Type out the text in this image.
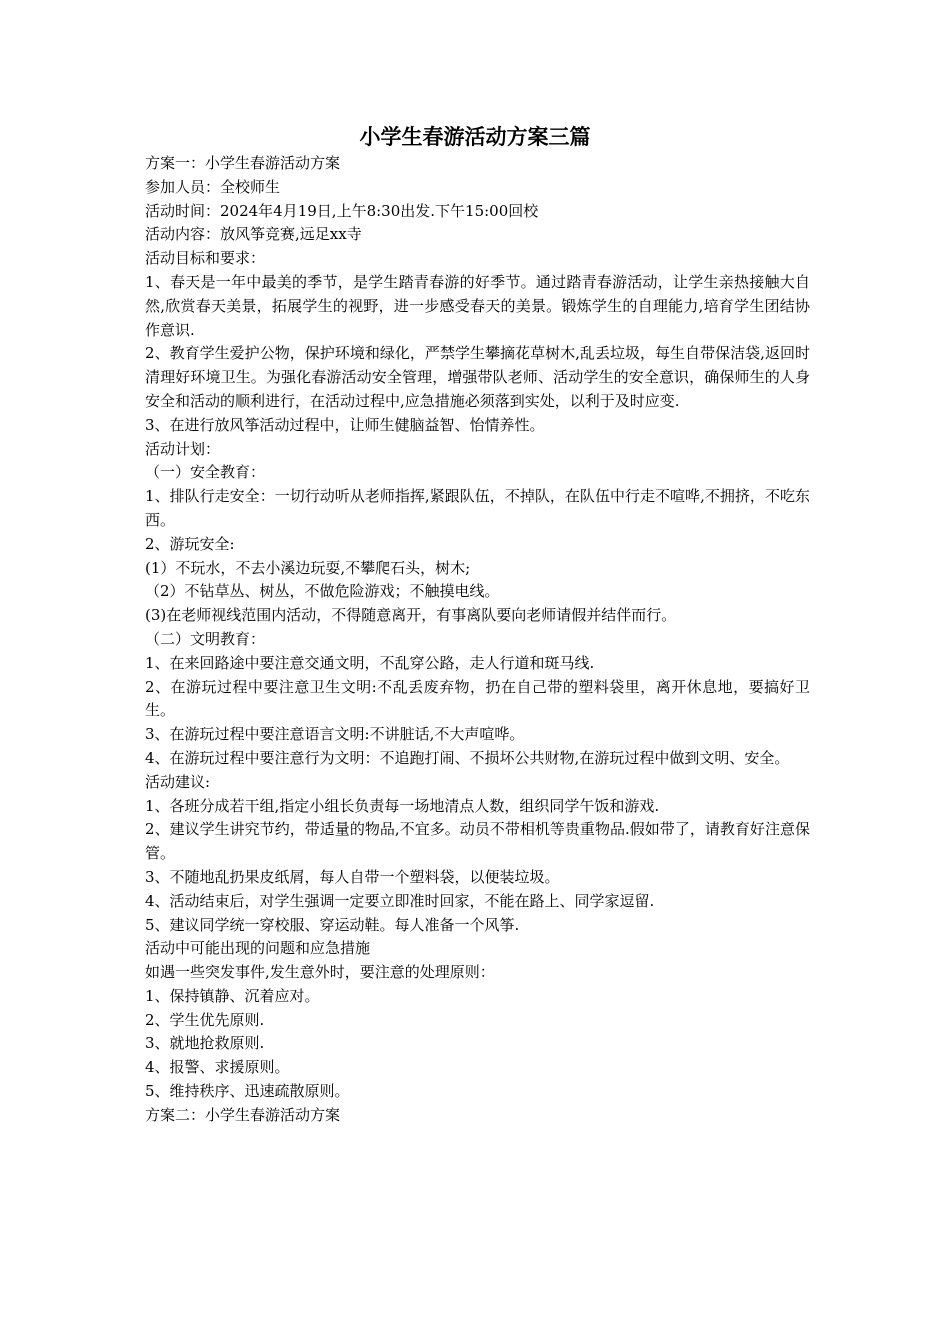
小学生春游活动方案三篇

方案一：小学生春游活动方案

参加人员：全校师生

活动时间：2024年4月19日,上午8:30出发.下午15:00回校

活动内容：放风筝竞赛,远足xx寺

活动目标和要求：

1、春天是一年中最美的季节，是学生踏青春游的好季节。通过踏青春游活动，让学生亲热接触大自然,欣赏春天美景，拓展学生的视野，进一步感受春天的美景。锻炼学生的自理能力,培育学生团结协作意识.

2、教育学生爱护公物，保护环境和绿化，严禁学生攀摘花草树木,乱丢垃圾，每生自带保洁袋,返回时清理好环境卫生。为强化春游活动安全管理，增强带队老师、活动学生的安全意识，确保师生的人身安全和活动的顺利进行，在活动过程中,应急措施必须落到实处，以利于及时应变.

3、在进行放风筝活动过程中，让师生健脑益智、怡情养性。

活动计划：

（一）安全教育：

1、排队行走安全：一切行动听从老师指挥,紧跟队伍，不掉队，在队伍中行走不喧哗,不拥挤，不吃东西。

2、游玩安全:

(1）不玩水，不去小溪边玩耍,不攀爬石头，树木;

（2）不钻草丛、树丛，不做危险游戏；不触摸电线。

(3)在老师视线范围内活动，不得随意离开，有事离队要向老师请假并结伴而行。

（二）文明教育：

1、在来回路途中要注意交通文明，不乱穿公路，走人行道和斑马线.

2、在游玩过程中要注意卫生文明:不乱丢废弃物，扔在自己带的塑料袋里，离开休息地，要搞好卫生。

3、在游玩过程中要注意语言文明:不讲脏话,不大声喧哗。

4、在游玩过程中要注意行为文明：不追跑打闹、不损坏公共财物,在游玩过程中做到文明、安全。

活动建议:

1、各班分成若干组,指定小组长负责每一场地清点人数，组织同学午饭和游戏.

2、建议学生讲究节约，带适量的物品,不宜多。动员不带相机等贵重物品.假如带了，请教育好注意保管。

3、不随地乱扔果皮纸屑，每人自带一个塑料袋，以便装垃圾。

4、活动结束后，对学生强调一定要立即准时回家，不能在路上、同学家逗留.

5、建议同学统一穿校服、穿运动鞋。每人准备一个风筝.

活动中可能出现的问题和应急措施

如遇一些突发事件,发生意外时，要注意的处理原则：

1、保持镇静、沉着应对。

2、学生优先原则.

3、就地抢救原则.

4、报警、求援原则。

5、维持秩序、迅速疏散原则。

方案二：小学生春游活动方案
